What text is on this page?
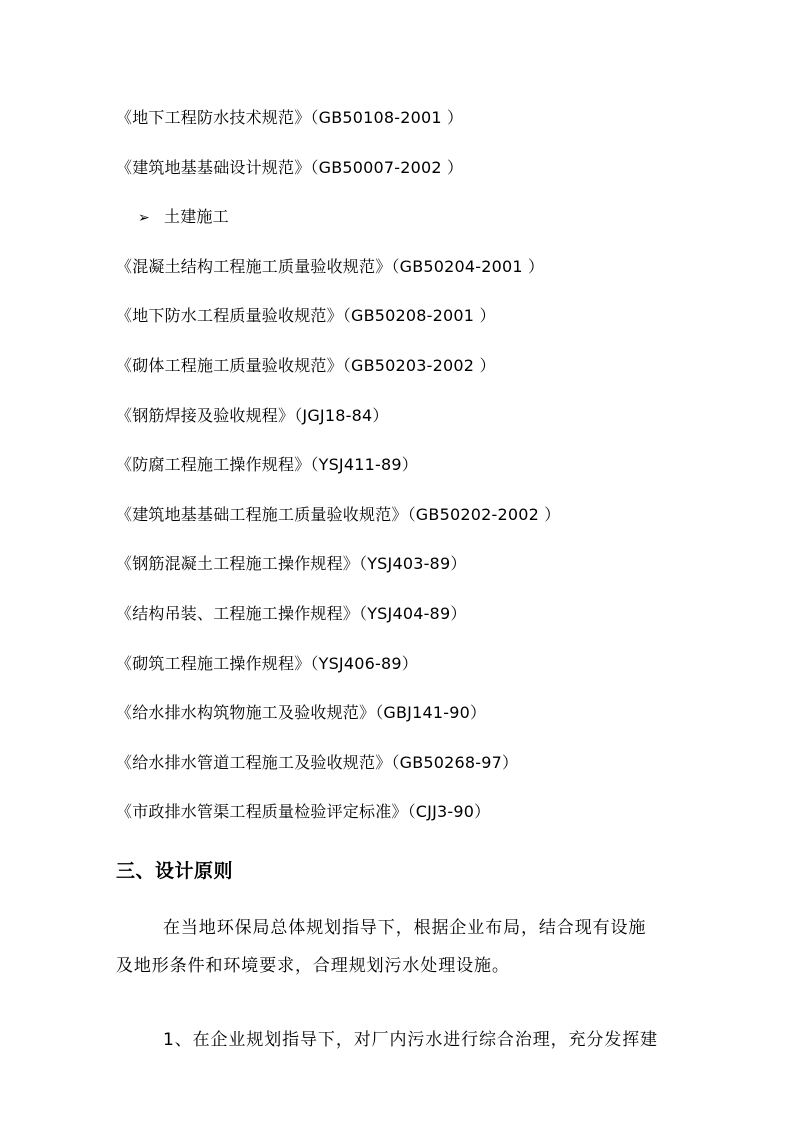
《地下工程防水技术规范》（GB50108-2001 ）
《建筑地基基础设计规范》（GB50007-2002 ）
➢ 土建施工
《混凝土结构工程施工质量验收规范》（GB50204-2001 ）
《地下防水工程质量验收规范》（GB50208-2001 ）
《砌体工程施工质量验收规范》（GB50203-2002 ）
《钢筋焊接及验收规程》（JGJ18-84）
《防腐工程施工操作规程》（YSJ411-89）
《建筑地基基础工程施工质量验收规范》（GB50202-2002 ）
《钢筋混凝土工程施工操作规程》（YSJ403-89）
《结构吊装、工程施工操作规程》（YSJ404-89）
《砌筑工程施工操作规程》（YSJ406-89）
《给水排水构筑物施工及验收规范》（GBJ141-90）
《给水排水管道工程施工及验收规范》（GB50268-97）
《市政排水管渠工程质量检验评定标准》（CJJ3-90）
三、设计原则

在当地环保局总体规划指导下，根据企业布局，结合现有设施
及地形条件和环境要求，合理规划污水处理设施。

1、在企业规划指导下，对厂内污水进行综合治理，充分发挥建
